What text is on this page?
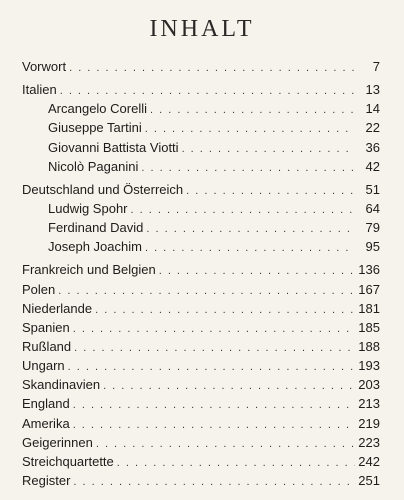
INHALT
Vorwort . . .	7
Italien . . .	13
Arcangelo Corelli . . .	14
Giuseppe Tartini . . .	22
Giovanni Battista Viotti . . .	36
Nicolò Paganini . . .	42
Deutschland und Österreich . . .	51
Ludwig Spohr . . .	64
Ferdinand David . . .	79
Joseph Joachim . . .	95
Frankreich und Belgien . . .	136
Polen . . .	167
Niederlande . . .	181
Spanien . . .	185
Rußland . . .	188
Ungarn . . .	193
Skandinavien . . .	203
England . . .	213
Amerika . . .	219
Geigerinnen . . .	223
Streichquartette . . .	242
Register . . .	251
